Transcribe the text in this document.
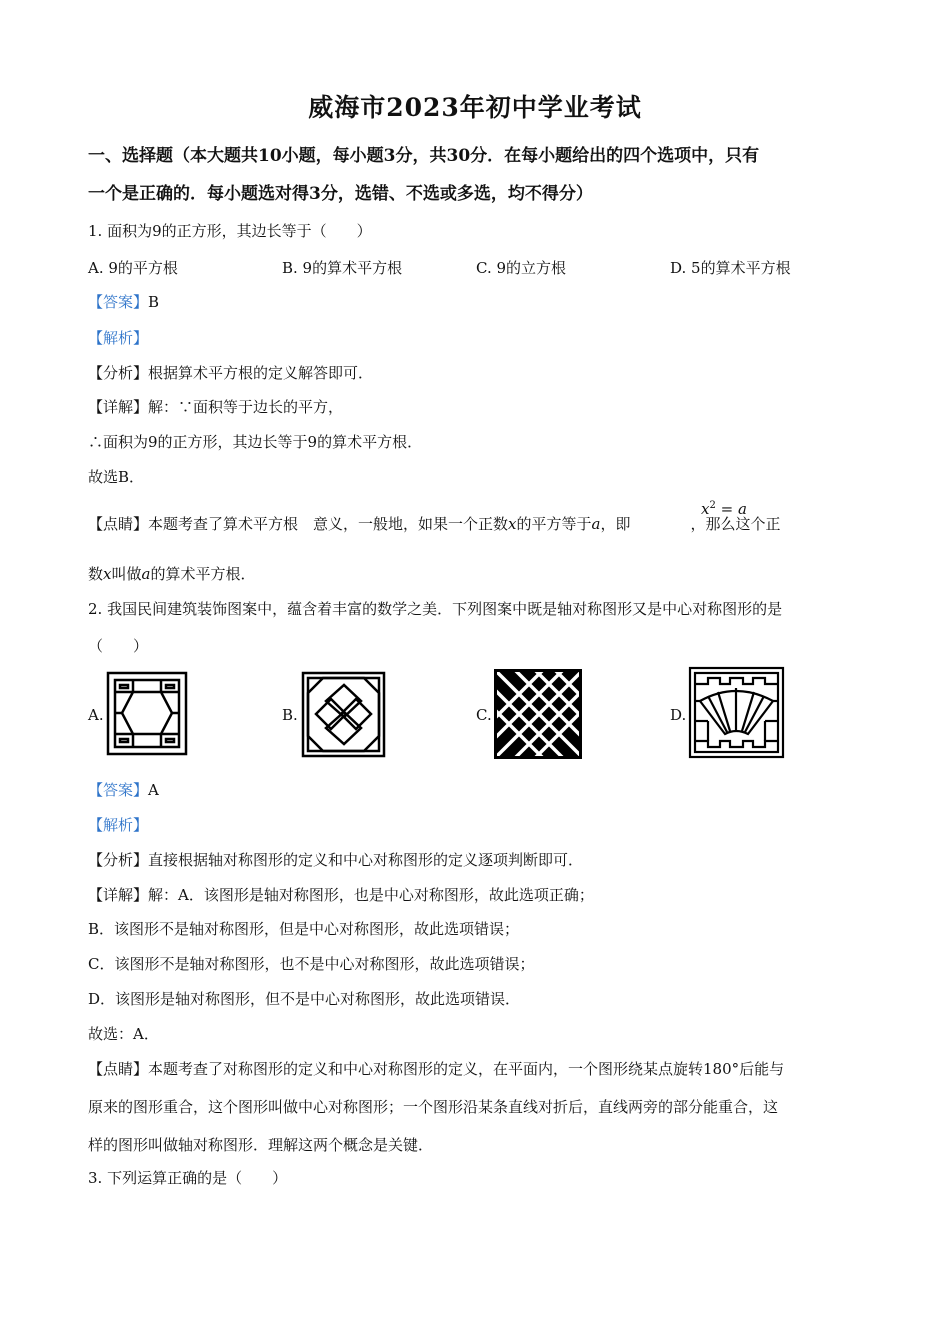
威海市2023年初中学业考试
一、选择题（本大题共10小题，每小题3分，共30分．在每小题给出的四个选项中，只有
一个是正确的．每小题选对得3分，选错、不选或多选，均不得分）
1. 面积为9的正方形，其边长等于（　　）
A. 9的平方根	B. 9的算术平方根	C. 9的立方根	D. 5的算术平方根
【答案】B
【解析】
【分析】根据算术平方根的定义解答即可．
【详解】解：∵面积等于边长的平方，
∴面积为9的正方形，其边长等于9的算术平方根．
故选B．
$x^2 = a$
【点睛】本题考查了算术平方根　意义，一般地，如果一个正数x的平方等于a，即	，那么这个正
数x叫做a的算术平方根．
2. 我国民间建筑装饰图案中，蕴含着丰富的数学之美．下列图案中既是轴对称图形又是中心对称图形的是
（　　）
A.	B.	C.	D.
【答案】A
【解析】
【分析】直接根据轴对称图形的定义和中心对称图形的定义逐项判断即可．
【详解】解：A．该图形是轴对称图形，也是中心对称图形，故此选项正确；
B．该图形不是轴对称图形，但是中心对称图形，故此选项错误；
C．该图形不是轴对称图形，也不是中心对称图形，故此选项错误；
D．该图形是轴对称图形，但不是中心对称图形，故此选项错误．
故选：A．
【点睛】本题考查了对称图形的定义和中心对称图形的定义，在平面内，一个图形绕某点旋转180°后能与
原来的图形重合，这个图形叫做中心对称图形；一个图形沿某条直线对折后，直线两旁的部分能重合，这
样的图形叫做轴对称图形．理解这两个概念是关键．
3. 下列运算正确的是（　　）
